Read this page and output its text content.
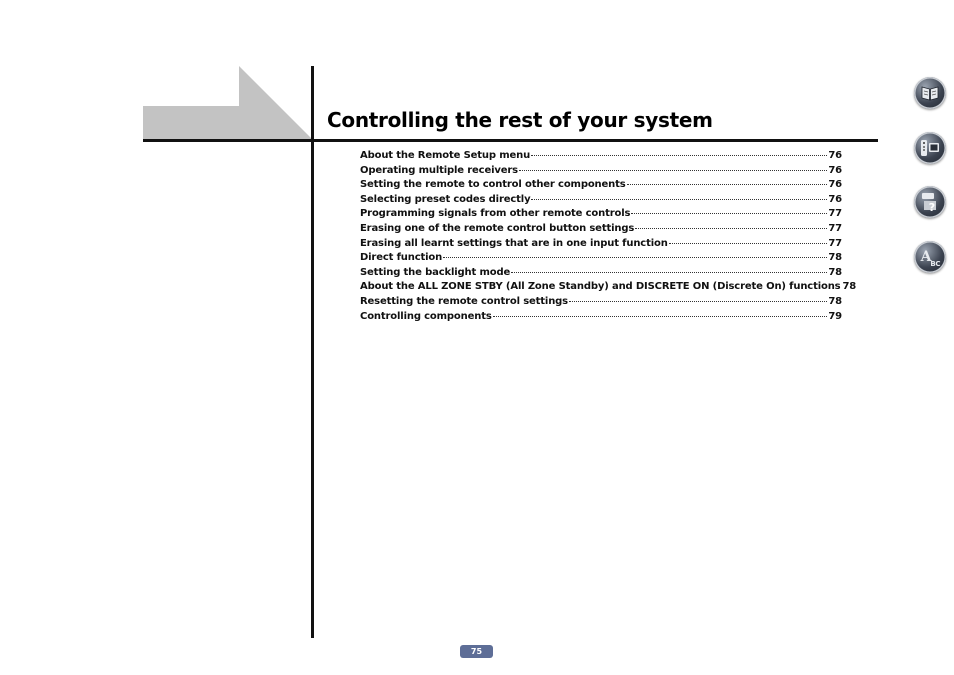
Controlling the rest of your system
About the Remote Setup menu	76
Operating multiple receivers	76
Setting the remote to control other components	76
Selecting preset codes directly	76
Programming signals from other remote controls	77
Erasing one of the remote control button settings	77
Erasing all learnt settings that are in one input function	77
Direct function	78
Setting the backlight mode	78
About the ALL ZONE STBY (All Zone Standby) and DISCRETE ON (Discrete On) functions 78
Resetting the remote control settings	78
Controlling components	79
?
A
B C
75
